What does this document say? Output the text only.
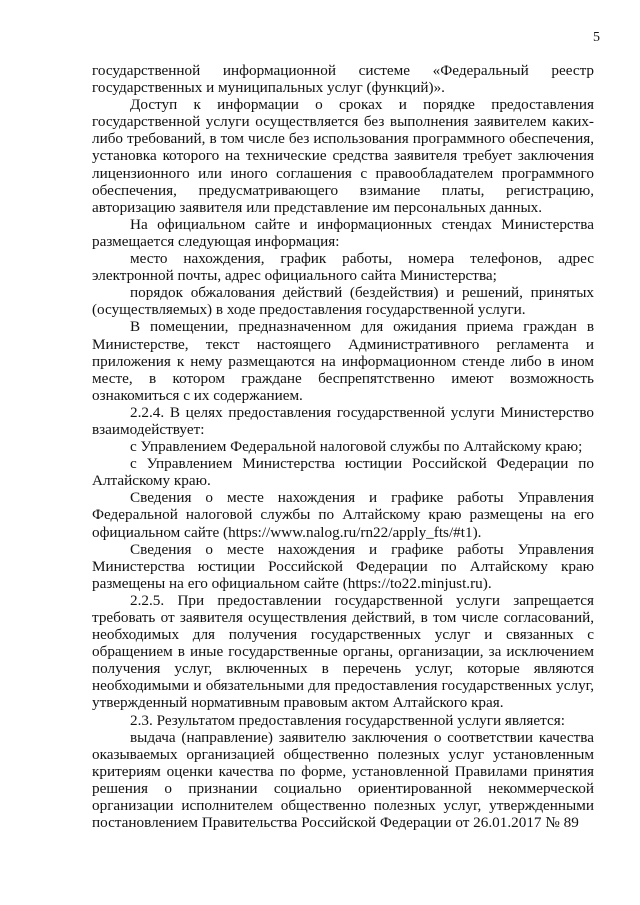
5

государственной информационной системе «Федеральный реестр государственных и муниципальных услуг (функций)».

Доступ к информации о сроках и порядке предоставления государственной услуги осуществляется без выполнения заявителем каких-либо требований, в том числе без использования программного обеспечения, установка которого на технические средства заявителя требует заключения лицензионного или иного соглашения с правообладателем программного обеспечения, предусматривающего взимание платы, регистрацию, авторизацию заявителя или представление им персональных данных.

На официальном сайте и информационных стендах Министерства размещается следующая информация:

место нахождения, график работы, номера телефонов, адрес электронной почты, адрес официального сайта Министерства;

порядок обжалования действий (бездействия) и решений, принятых (осуществляемых) в ходе предоставления государственной услуги.

В помещении, предназначенном для ожидания приема граждан в Министерстве, текст настоящего Административного регламента и приложения к нему размещаются на информационном стенде либо в ином месте, в котором граждане беспрепятственно имеют возможность ознакомиться с их содержанием.

2.2.4. В целях предоставления государственной услуги Министерство взаимодействует:

с Управлением Федеральной налоговой службы по Алтайскому краю;

с Управлением Министерства юстиции Российской Федерации по Алтайскому краю.

Сведения о месте нахождения и графике работы Управления Федеральной налоговой службы по Алтайскому краю размещены на его официальном сайте (https://www.nalog.ru/rn22/apply_fts/#t1).

Сведения о месте нахождения и графике работы Управления Министерства юстиции Российской Федерации по Алтайскому краю размещены на его официальном сайте (https://to22.minjust.ru).

2.2.5. При предоставлении государственной услуги запрещается требовать от заявителя осуществления действий, в том числе согласований, необходимых для получения государственных услуг и связанных с обращением в иные государственные органы, организации, за исключением получения услуг, включенных в перечень услуг, которые являются необходимыми и обязательными для предоставления государственных услуг, утвержденный нормативным правовым актом Алтайского края.

2.3. Результатом предоставления государственной услуги является:

выдача (направление) заявителю заключения о соответствии качества оказываемых организацией общественно полезных услуг установленным критериям оценки качества по форме, установленной Правилами принятия решения о признании социально ориентированной некоммерческой организации исполнителем общественно полезных услуг, утвержденными постановлением Правительства Российской Федерации от 26.01.2017 № 89
